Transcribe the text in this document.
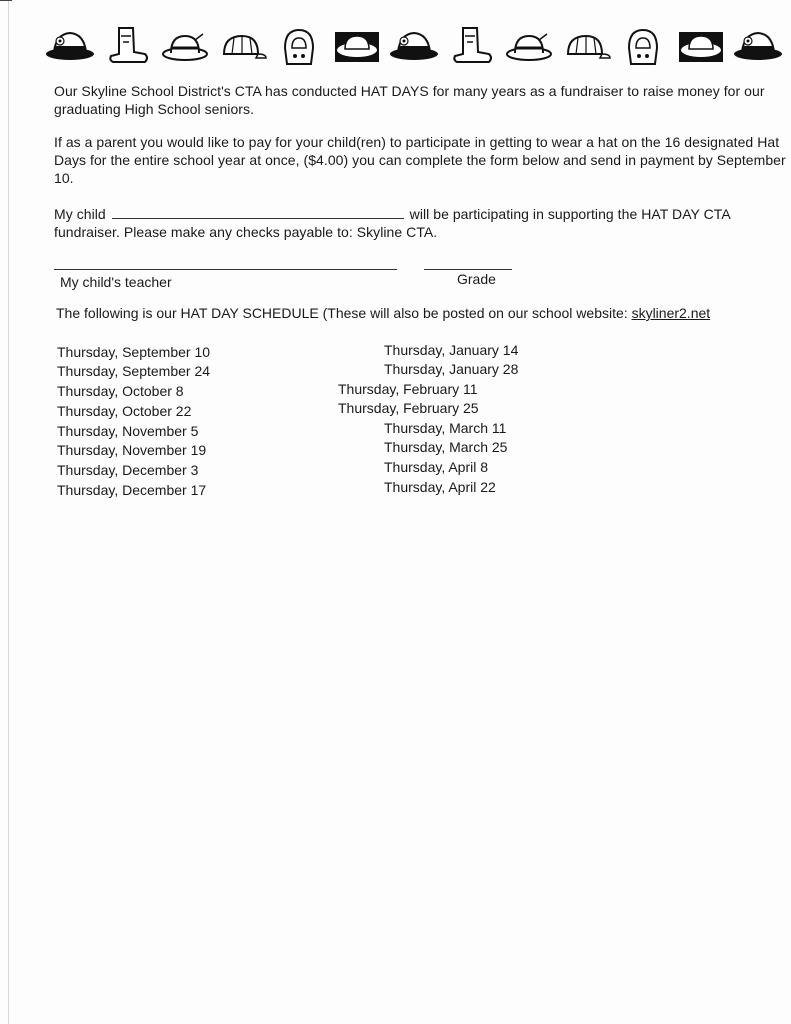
Our Skyline School District's CTA has conducted HAT DAYS for many years as a fundraiser to raise money for our graduating High School seniors.
If as a parent you would like to pay for your child(ren) to participate in getting to wear a hat on the 16 designated Hat Days for the entire school year at once, ($4.00) you can complete the form below and send in payment by September 10.
My child	will be participating in supporting the HAT DAY CTA fundraiser. Please make any checks payable to: Skyline CTA.
My child's teacher	Grade
The following is our HAT DAY SCHEDULE (These will also be posted on our school website: skyliner2.net
Thursday, September 10
Thursday, September 24
Thursday, October 8
Thursday, October 22
Thursday, November 5
Thursday, November 19
Thursday, December 3
Thursday, December 17
Thursday, January 14
Thursday, January 28
Thursday, February 11
Thursday, February 25
Thursday, March 11
Thursday, March 25
Thursday, April 8
Thursday, April 22
